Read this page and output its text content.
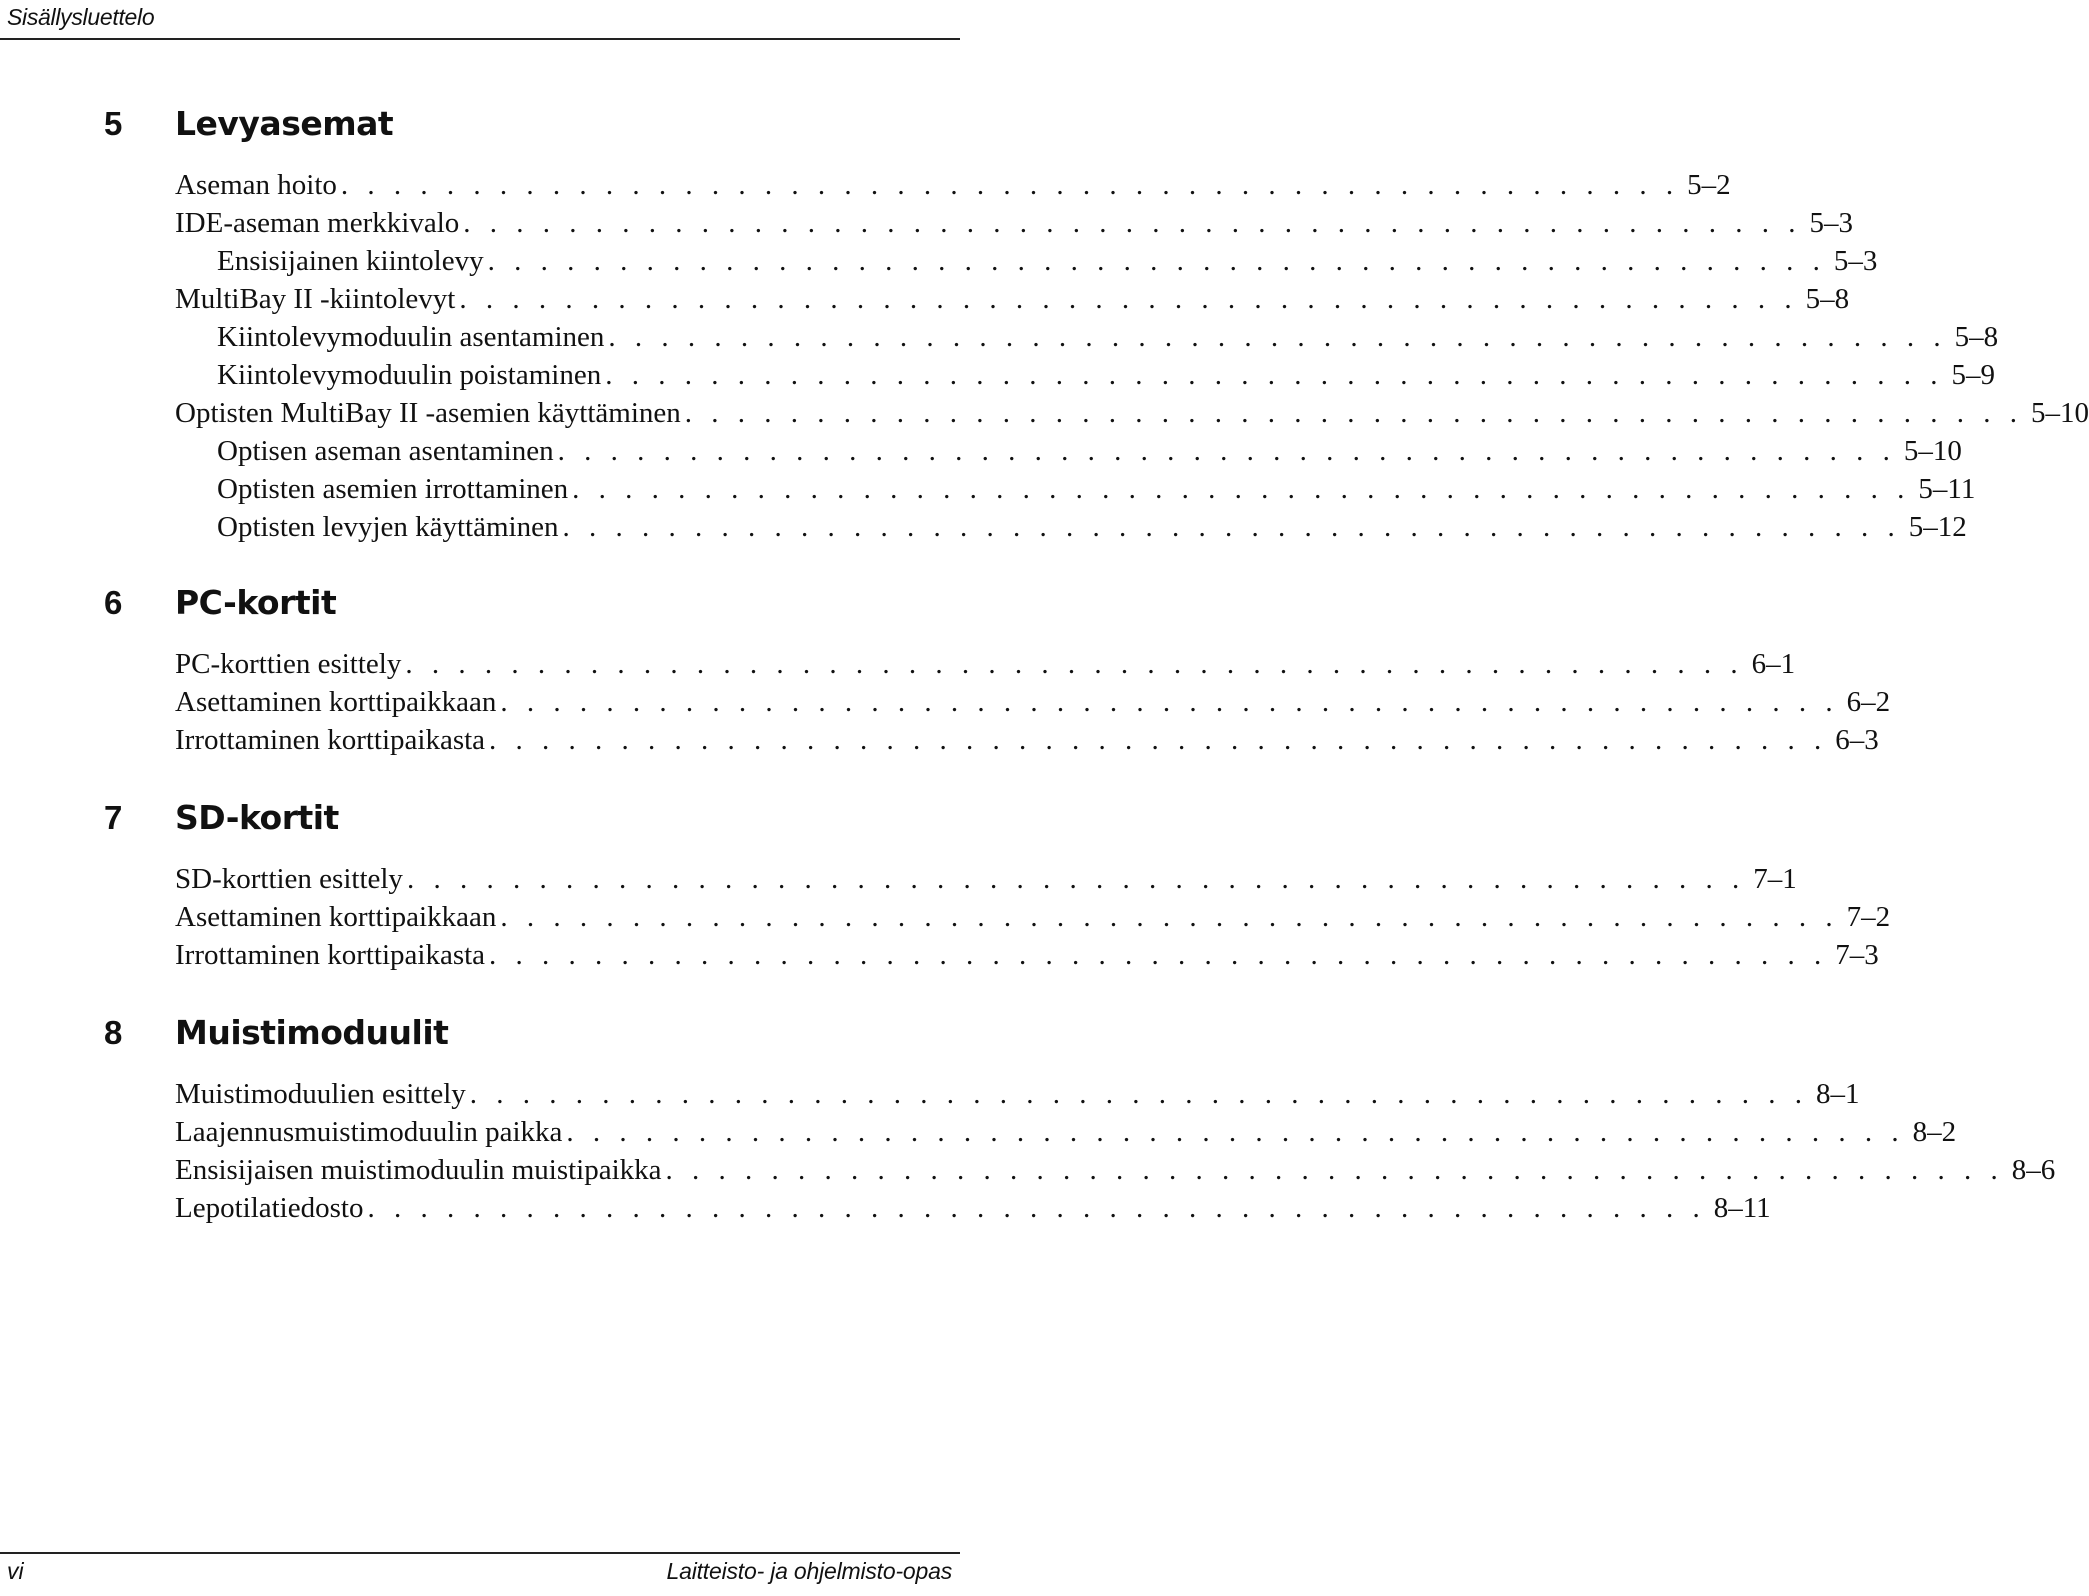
Sisällysluettelo
5 Levyasemat
Aseman hoito . . . . . . . . . . . . . . . . . . . . . . . . . . . . . . . . . . . . . . . . . . . . . . . . . . . 5–2
IDE-aseman merkkivalo . . . . . . . . . . . . . . . . . . . . . . . . . . . . . . . . . . . . . . . . . . . . . . . . . . . 5–3
Ensisijainen kiintolevy . . . . . . . . . . . . . . . . . . . . . . . . . . . . . . . . . . . . . . . . . . . . . . . . . . . 5–3
MultiBay II -kiintolevyt . . . . . . . . . . . . . . . . . . . . . . . . . . . . . . . . . . . . . . . . . . . . . . . . . . . 5–8
Kiintolevymoduulin asentaminen . . . . . . . . . . . . . . . . . . . . . . . . . . . . . . . . . . . . . . . . . . . . . . . . . . . 5–8
Kiintolevymoduulin poistaminen . . . . . . . . . . . . . . . . . . . . . . . . . . . . . . . . . . . . . . . . . . . . . . . . . . . 5–9
Optisten MultiBay II -asemien käyttäminen . . . . . . . . . . . . . . . . . . . . . . . . . . . . . . . . . . . . . . . . . . . . . . . . . . . 5–10
Optisen aseman asentaminen . . . . . . . . . . . . . . . . . . . . . . . . . . . . . . . . . . . . . . . . . . . . . . . . . . . 5–10
Optisten asemien irrottaminen . . . . . . . . . . . . . . . . . . . . . . . . . . . . . . . . . . . . . . . . . . . . . . . . . . . 5–11
Optisten levyjen käyttäminen . . . . . . . . . . . . . . . . . . . . . . . . . . . . . . . . . . . . . . . . . . . . . . . . . . . 5–12
6 PC-kortit
PC-korttien esittely . . . . . . . . . . . . . . . . . . . . . . . . . . . . . . . . . . . . . . . . . . . . . . . . . . . 6–1
Asettaminen korttipaikkaan . . . . . . . . . . . . . . . . . . . . . . . . . . . . . . . . . . . . . . . . . . . . . . . . . . . 6–2
Irrottaminen korttipaikasta . . . . . . . . . . . . . . . . . . . . . . . . . . . . . . . . . . . . . . . . . . . . . . . . . . . 6–3
7 SD-kortit
SD-korttien esittely . . . . . . . . . . . . . . . . . . . . . . . . . . . . . . . . . . . . . . . . . . . . . . . . . . . 7–1
Asettaminen korttipaikkaan . . . . . . . . . . . . . . . . . . . . . . . . . . . . . . . . . . . . . . . . . . . . . . . . . . . 7–2
Irrottaminen korttipaikasta . . . . . . . . . . . . . . . . . . . . . . . . . . . . . . . . . . . . . . . . . . . . . . . . . . . 7–3
8 Muistimoduulit
Muistimoduulien esittely . . . . . . . . . . . . . . . . . . . . . . . . . . . . . . . . . . . . . . . . . . . . . . . . . . . 8–1
Laajennusmuistimoduulin paikka . . . . . . . . . . . . . . . . . . . . . . . . . . . . . . . . . . . . . . . . . . . . . . . . . . . 8–2
Ensisijaisen muistimoduulin muistipaikka . . . . . . . . . . . . . . . . . . . . . . . . . . . . . . . . . . . . . . . . . . . . . . . . . . . 8–6
Lepotilatiedosto . . . . . . . . . . . . . . . . . . . . . . . . . . . . . . . . . . . . . . . . . . . . . . . . . . . 8–11
vi	Laitteisto- ja ohjelmisto-opas
